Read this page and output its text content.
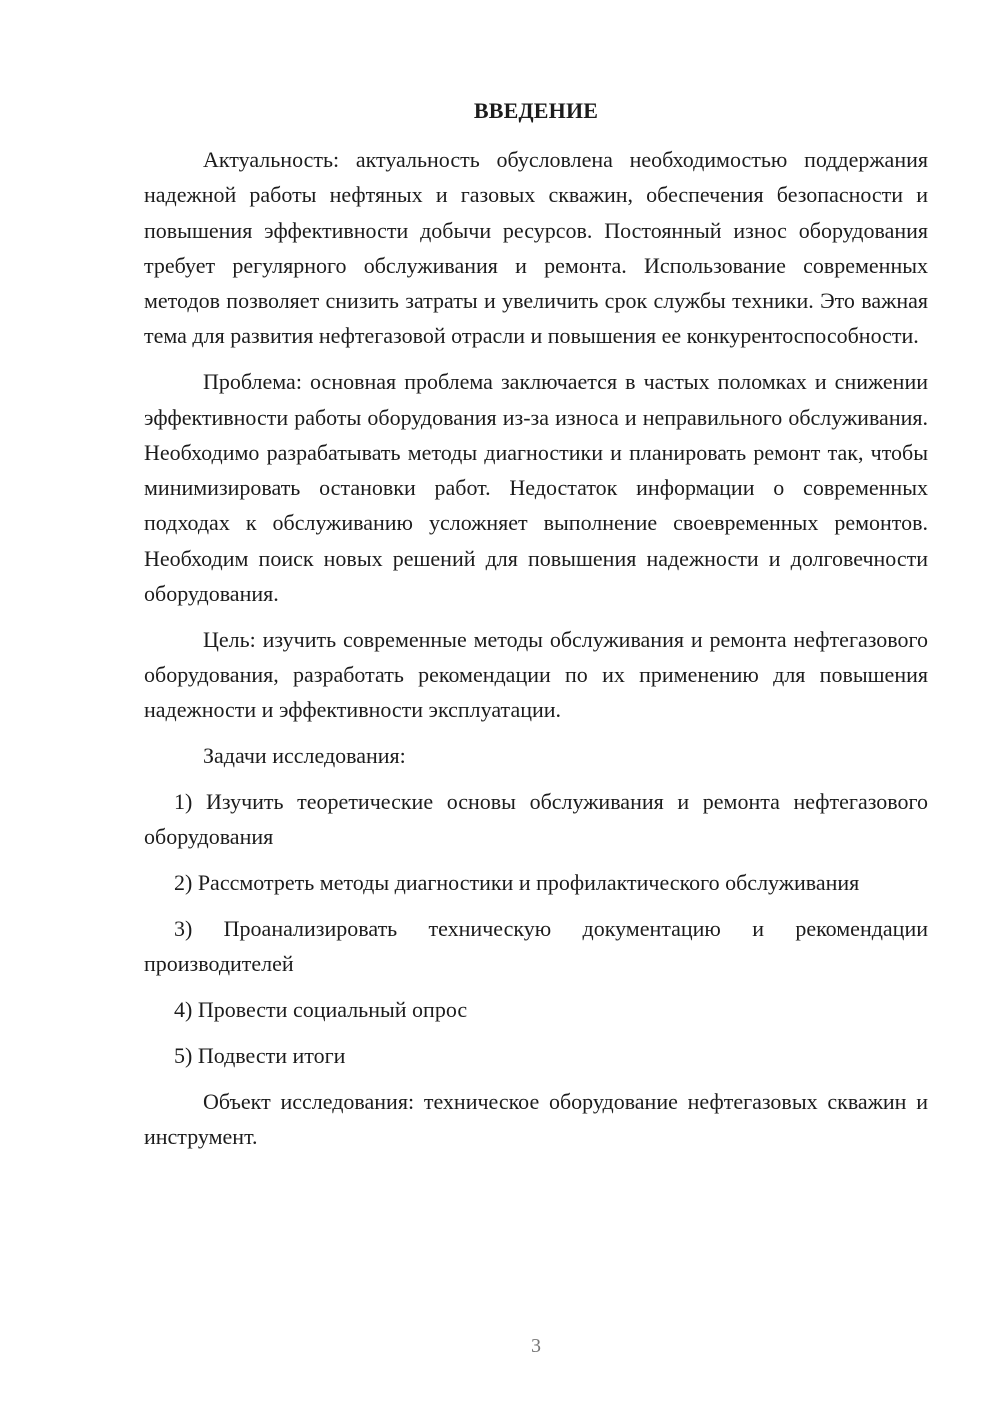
ВВЕДЕНИЕ

Актуальность: актуальность обусловлена необходимостью поддержания надежной работы нефтяных и газовых скважин, обеспечения безопасности и повышения эффективности добычи ресурсов. Постоянный износ оборудования требует регулярного обслуживания и ремонта. Использование современных методов позволяет снизить затраты и увеличить срок службы техники. Это важная тема для развития нефтегазовой отрасли и повышения ее конкурентоспособности.

Проблема: основная проблема заключается в частых поломках и снижении эффективности работы оборудования из-за износа и неправильного обслуживания. Необходимо разрабатывать методы диагностики и планировать ремонт так, чтобы минимизировать остановки работ. Недостаток информации о современных подходах к обслуживанию усложняет выполнение своевременных ремонтов. Необходим поиск новых решений для повышения надежности и долговечности оборудования.

Цель: изучить современные методы обслуживания и ремонта нефтегазового оборудования, разработать рекомендации по их применению для повышения надежности и эффективности эксплуатации.

Задачи исследования:

1) Изучить теоретические основы обслуживания и ремонта нефтегазового оборудования

2) Рассмотреть методы диагностики и профилактического обслуживания

3) Проанализировать техническую документацию и рекомендации производителей

4) Провести социальный опрос

5) Подвести итоги

Объект исследования: техническое оборудование нефтегазовых скважин и инструмент.

3
